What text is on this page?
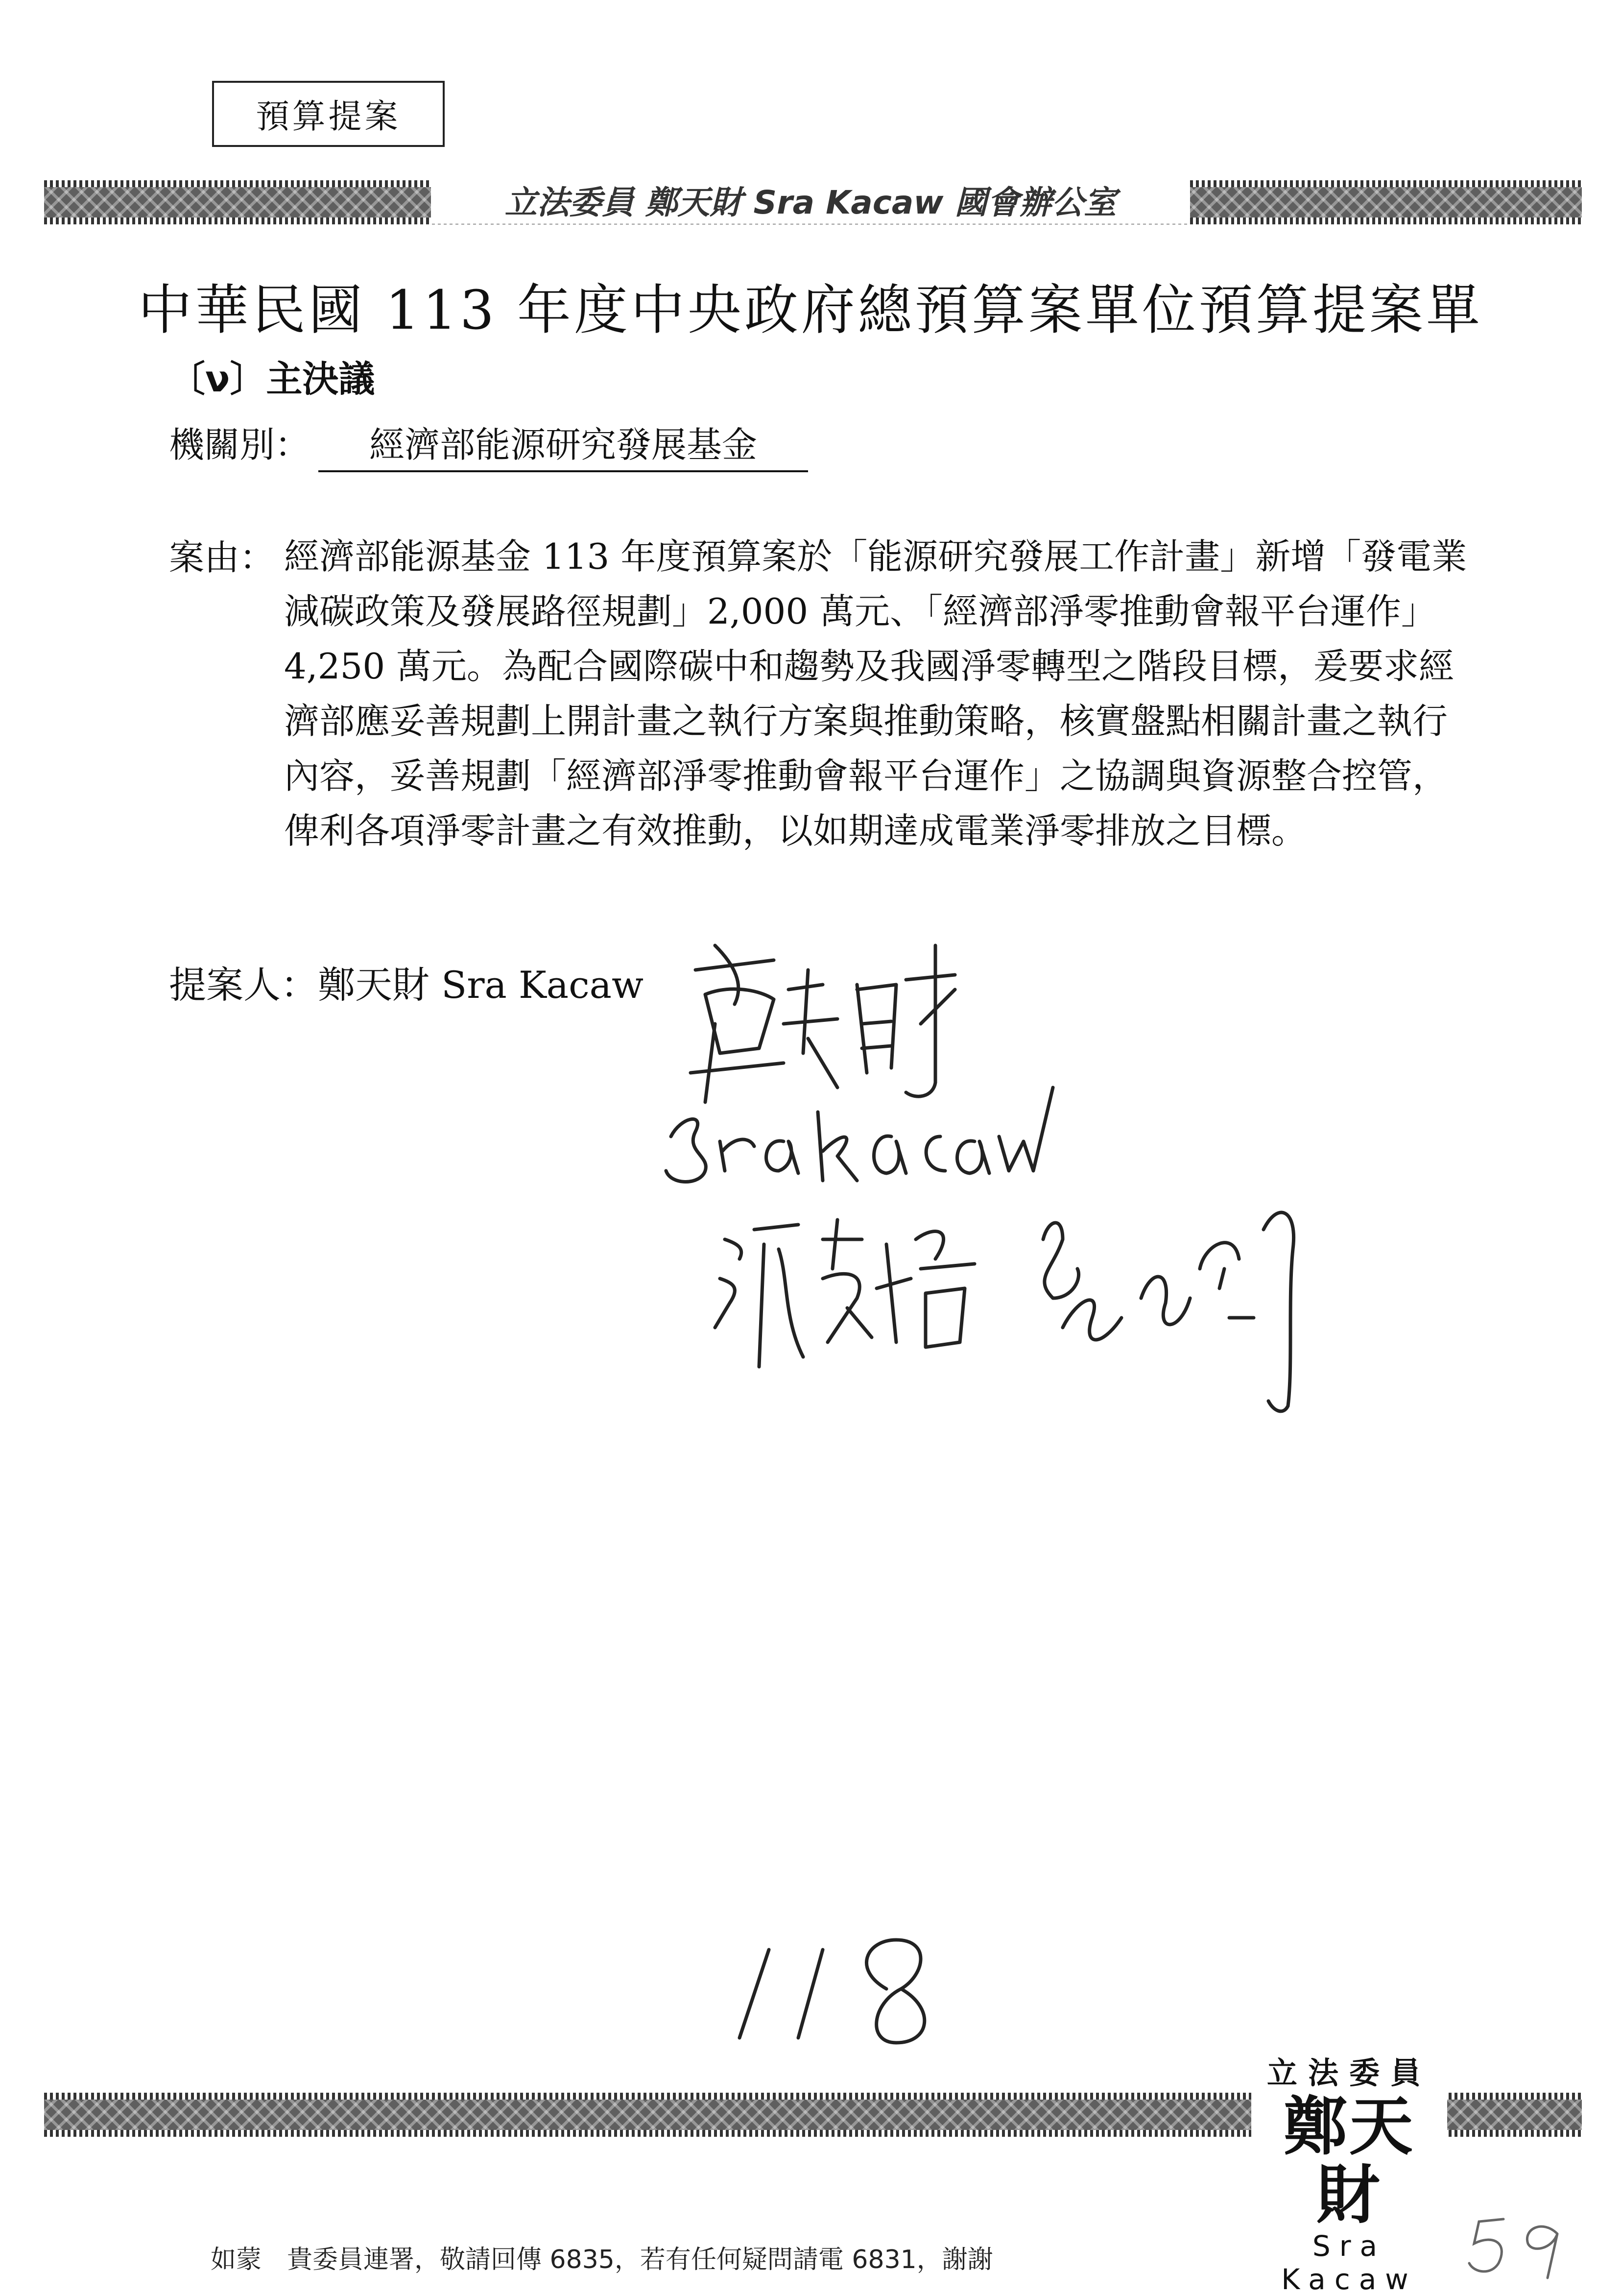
預算提案
立法委員 鄭天財 Sra Kacaw 國會辦公室
中華民國 113 年度中央政府總預算案單位預算提案單
〔ν〕主決議
機關別：	經濟部能源研究發展基金
案由： 經濟部能源基金 113 年度預算案於「能源研究發展工作計畫」新增「發電業減碳政策及發展路徑規劃」2,000 萬元、「經濟部淨零推動會報平台運作」4,250 萬元。為配合國際碳中和趨勢及我國淨零轉型之階段目標，爰要求經濟部應妥善規劃上開計畫之執行方案與推動策略，核實盤點相關計畫之執行內容，妥善規劃「經濟部淨零推動會報平台運作」之協調與資源整合控管，俾利各項淨零計畫之有效推動，以如期達成電業淨零排放之目標。
提案人：鄭天財 Sra Kacaw
立法委員
鄭天財
Sra Kacaw
如蒙　貴委員連署，敬請回傳 6835，若有任何疑問請電 6831，謝謝
